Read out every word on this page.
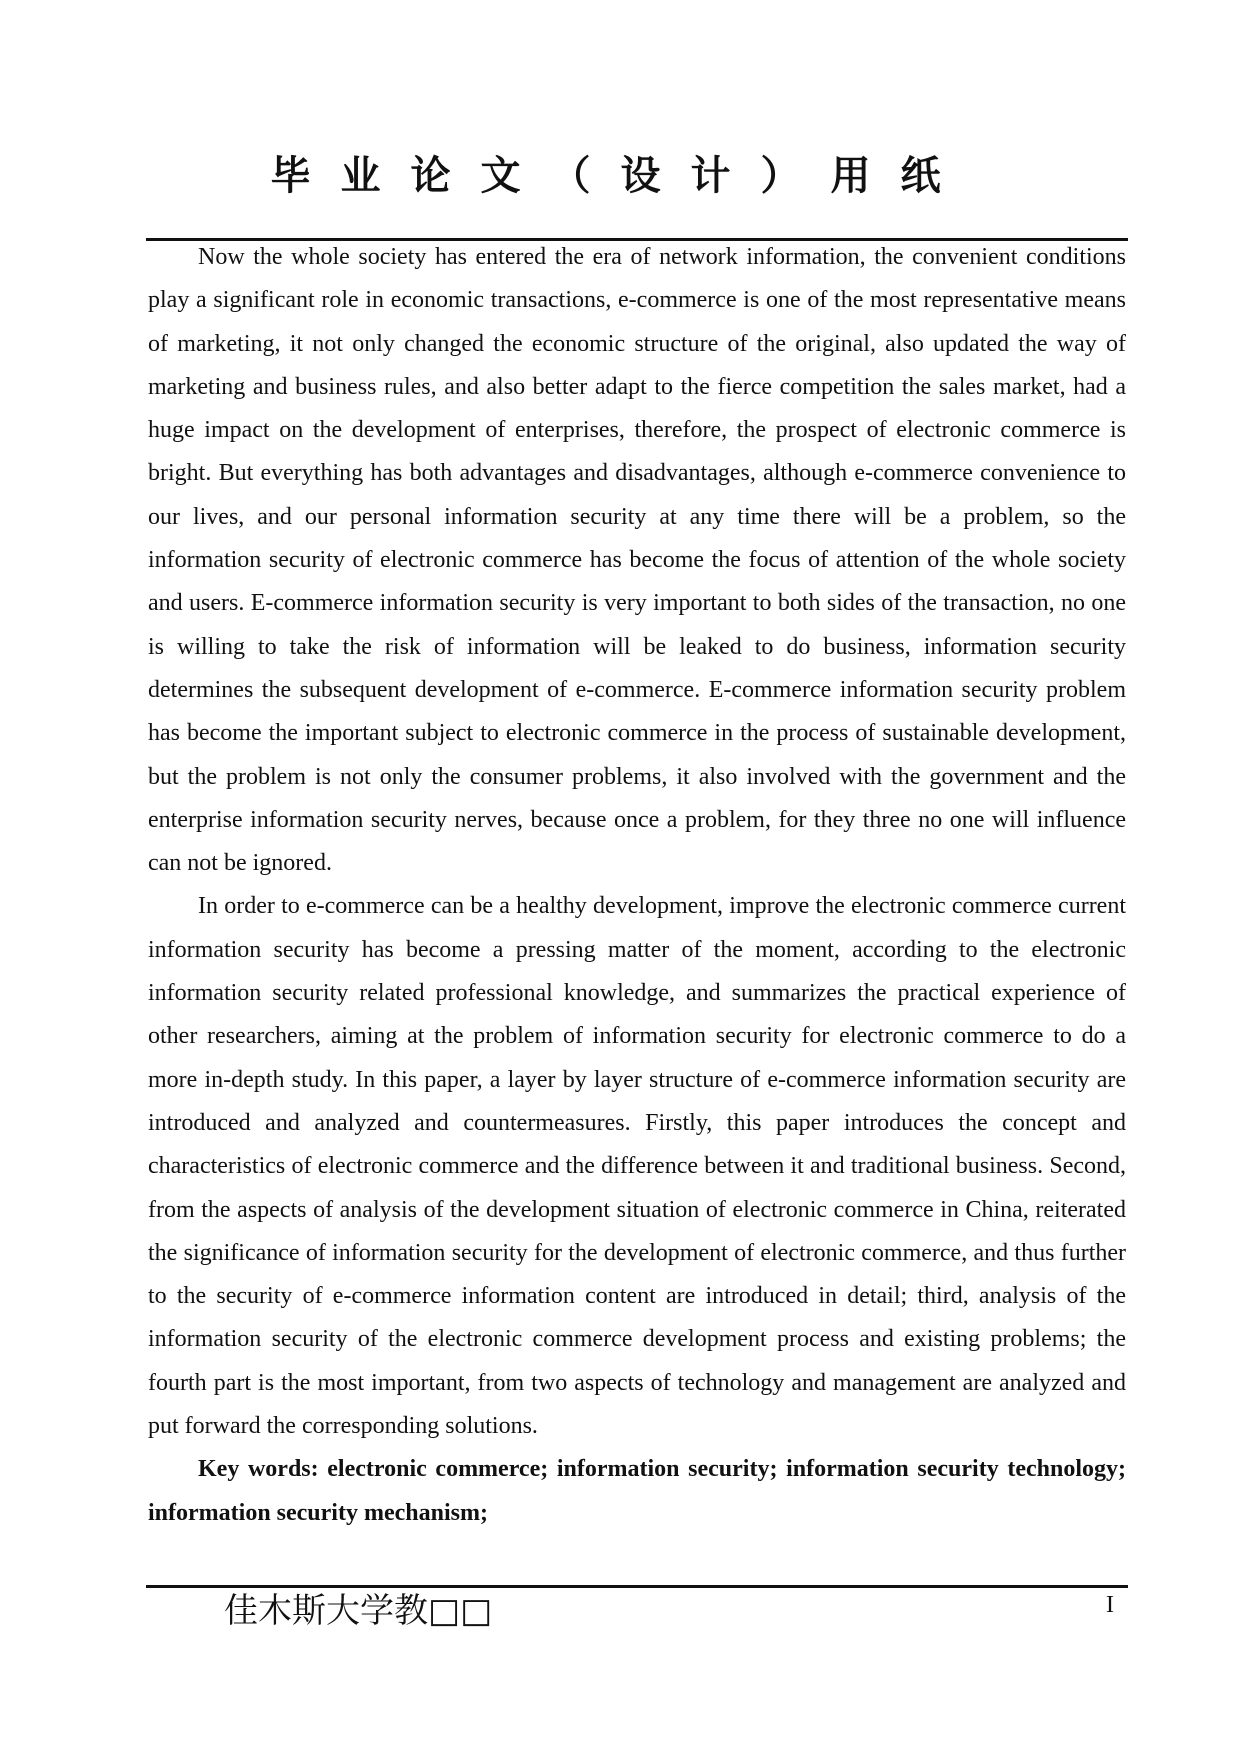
毕业论文（设计）用纸

Now the whole society has entered the era of network information, the convenient conditions play a significant role in economic transactions, e-commerce is one of the most representative means of marketing, it not only changed the economic structure of the original, also updated the way of marketing and business rules, and also better adapt to the fierce competition the sales market, had a huge impact on the development of enterprises, therefore, the prospect of electronic commerce is bright. But everything has both advantages and disadvantages, although e-commerce convenience to our lives, and our personal information security at any time there will be a problem, so the information security of electronic commerce has become the focus of attention of the whole society and users. E-commerce information security is very important to both sides of the transaction, no one is willing to take the risk of information will be leaked to do business, information security determines the subsequent development of e-commerce. E-commerce information security problem has become the important subject to electronic commerce in the process of sustainable development, but the problem is not only the consumer problems, it also involved with the government and the enterprise information security nerves, because once a problem, for they three no one will influence can not be ignored.

In order to e-commerce can be a healthy development, improve the electronic commerce current information security has become a pressing matter of the moment, according to the electronic information security related professional knowledge, and summarizes the practical experience of other researchers, aiming at the problem of information security for electronic commerce to do a more in-depth study. In this paper, a layer by layer structure of e-commerce information security are introduced and analyzed and countermeasures. Firstly, this paper introduces the concept and characteristics of electronic commerce and the difference between it and traditional business. Second, from the aspects of analysis of the development situation of electronic commerce in China, reiterated the significance of information security for the development of electronic commerce, and thus further to the security of e-commerce information content are introduced in detail; third, analysis of the information security of the electronic commerce development process and existing problems; the fourth part is the most important, from two aspects of technology and management are analyzed and put forward the corresponding solutions.

Key words: electronic commerce; information security; information security technology; information security mechanism;

佳木斯大学教□□	I
